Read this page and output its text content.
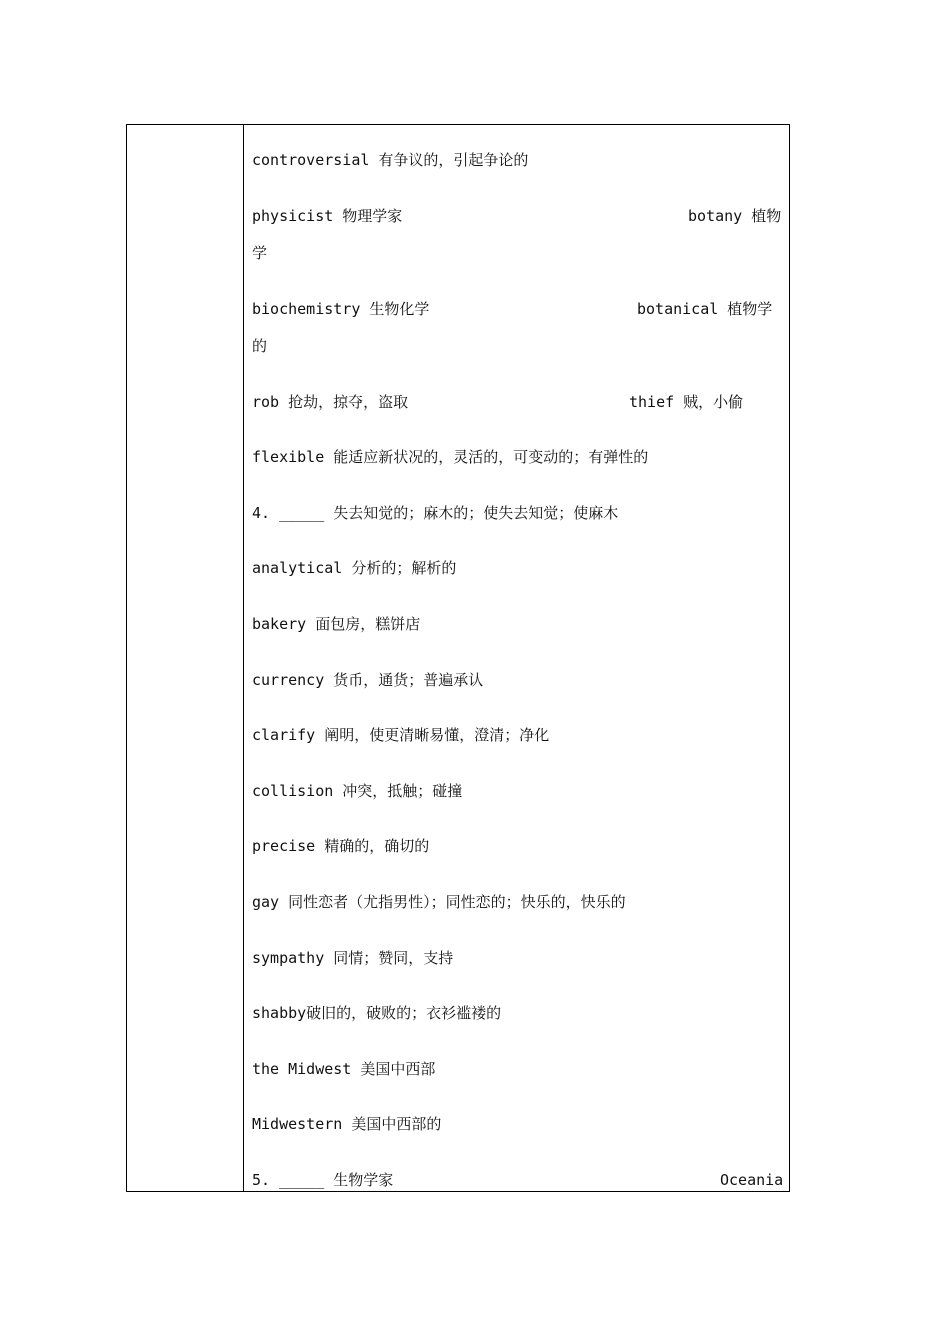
controversial 有争议的，引起争论的
physicist 物理学家	botany 植物
学
biochemistry 生物化学	botanical 植物学
的
rob 抢劫，掠夺，盗取	thief 贼，小偷
flexible 能适应新状况的，灵活的，可变动的；有弹性的
4. _____ 失去知觉的；麻木的；使失去知觉；使麻木
analytical 分析的；解析的
bakery 面包房，糕饼店
currency 货币，通货；普遍承认
clarify 阐明，使更清晰易懂，澄清；净化
collision 冲突，抵触；碰撞
precise 精确的，确切的
gay 同性恋者（尤指男性）；同性恋的；快乐的，快乐的
sympathy 同情；赞同，支持
shabby破旧的，破败的；衣衫褴褛的
the Midwest 美国中西部
Midwestern 美国中西部的
5. _____ 生物学家	Oceania
